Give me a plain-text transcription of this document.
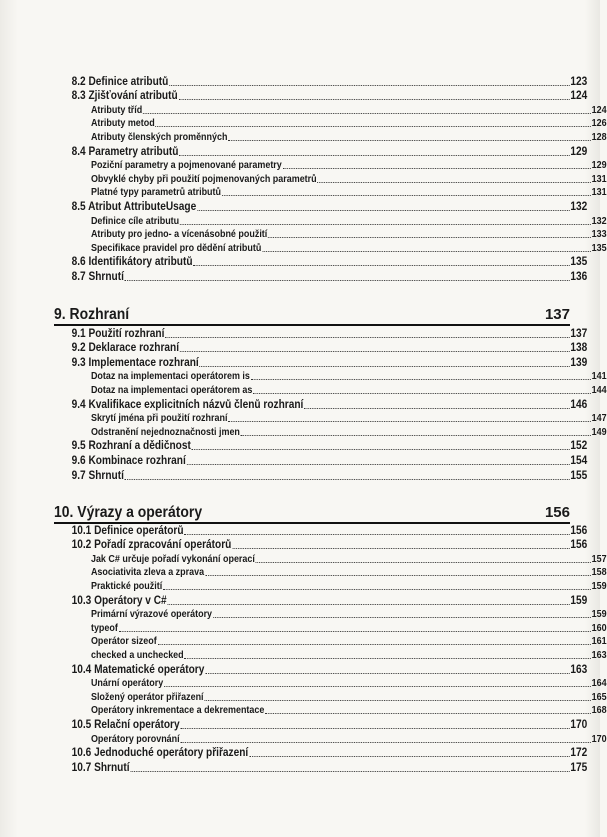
8.2 Definice atributů	123
8.3 Zjišťování atributů	124
Atributy tříd	124
Atributy metod	126
Atributy členských proměnných	128
8.4 Parametry atributů	129
Poziční parametry a pojmenované parametry	129
Obvyklé chyby při použití pojmenovaných parametrů	131
Platné typy parametrů atributů	131
8.5 Atribut AttributeUsage	132
Definice cíle atributu	132
Atributy pro jedno- a vícenásobné použití	133
Specifikace pravidel pro dědění atributů	135
8.6 Identifikátory atributů	135
8.7 Shrnutí	136
9. Rozhraní	137
9.1 Použití rozhraní	137
9.2 Deklarace rozhraní	138
9.3 Implementace rozhraní	139
Dotaz na implementaci operátorem is	141
Dotaz na implementaci operátorem as	144
9.4 Kvalifikace explicitních názvů členů rozhraní	146
Skrytí jména při použití rozhraní	147
Odstranění nejednoznačnosti jmen	149
9.5 Rozhraní a dědičnost	152
9.6 Kombinace rozhraní	154
9.7 Shrnutí	155
10. Výrazy a operátory	156
10.1 Definice operátorů	156
10.2 Pořadí zpracování operátorů	156
Jak C# určuje pořadí vykonání operací	157
Asociativita zleva a zprava	158
Praktické použití	159
10.3 Operátory v C#	159
Primární výrazové operátory	159
typeof	160
Operátor sizeof	161
checked a unchecked	163
10.4 Matematické operátory	163
Unární operátory	164
Složený operátor přiřazení	165
Operátory inkrementace a dekrementace	168
10.5 Relační operátory	170
Operátory porovnání	170
10.6 Jednoduché operátory přiřazení	172
10.7 Shrnutí	175
